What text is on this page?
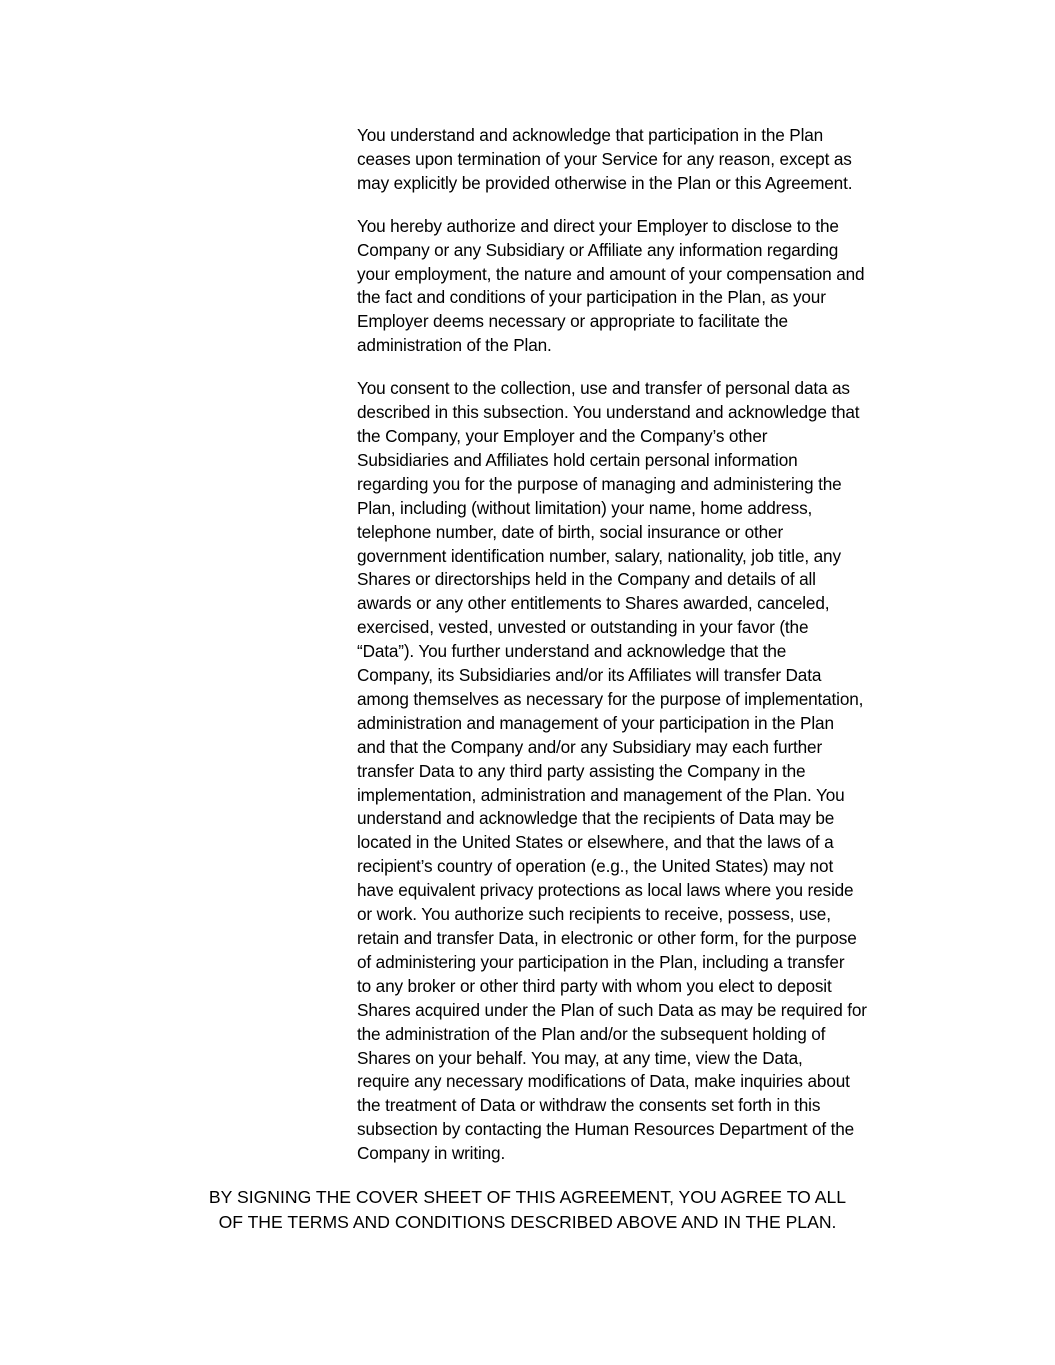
You understand and acknowledge that participation in the Plan
ceases upon termination of your Service for any reason, except as
may explicitly be provided otherwise in the Plan or this Agreement.

You hereby authorize and direct your Employer to disclose to the
Company or any Subsidiary or Affiliate any information regarding
your employment, the nature and amount of your compensation and
the fact and conditions of your participation in the Plan, as your
Employer deems necessary or appropriate to facilitate the
administration of the Plan.

You consent to the collection, use and transfer of personal data as
described in this subsection. You understand and acknowledge that
the Company, your Employer and the Company’s other
Subsidiaries and Affiliates hold certain personal information
regarding you for the purpose of managing and administering the
Plan, including (without limitation) your name, home address,
telephone number, date of birth, social insurance or other
government identification number, salary, nationality, job title, any
Shares or directorships held in the Company and details of all
awards or any other entitlements to Shares awarded, canceled,
exercised, vested, unvested or outstanding in your favor (the
“Data”). You further understand and acknowledge that the
Company, its Subsidiaries and/or its Affiliates will transfer Data
among themselves as necessary for the purpose of implementation,
administration and management of your participation in the Plan
and that the Company and/or any Subsidiary may each further
transfer Data to any third party assisting the Company in the
implementation, administration and management of the Plan. You
understand and acknowledge that the recipients of Data may be
located in the United States or elsewhere, and that the laws of a
recipient’s country of operation (e.g., the United States) may not
have equivalent privacy protections as local laws where you reside
or work. You authorize such recipients to receive, possess, use,
retain and transfer Data, in electronic or other form, for the purpose
of administering your participation in the Plan, including a transfer
to any broker or other third party with whom you elect to deposit
Shares acquired under the Plan of such Data as may be required for
the administration of the Plan and/or the subsequent holding of
Shares on your behalf. You may, at any time, view the Data,
require any necessary modifications of Data, make inquiries about
the treatment of Data or withdraw the consents set forth in this
subsection by contacting the Human Resources Department of the
Company in writing.

BY SIGNING THE COVER SHEET OF THIS AGREEMENT, YOU AGREE TO ALL
OF THE TERMS AND CONDITIONS DESCRIBED ABOVE AND IN THE PLAN.
